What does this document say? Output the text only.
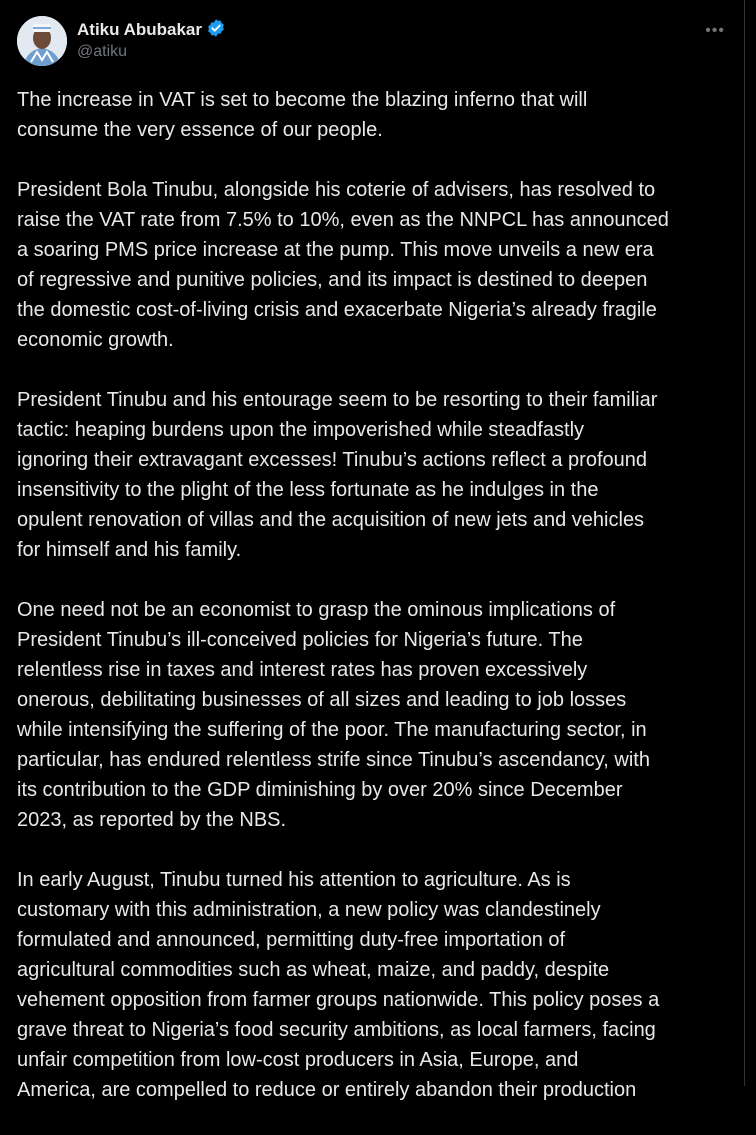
Atiku Abubakar
@atiku
•••

The increase in VAT is set to become the blazing inferno that will
consume the very essence of our people.

President Bola Tinubu, alongside his coterie of advisers, has resolved to
raise the VAT rate from 7.5% to 10%, even as the NNPCL has announced
a soaring PMS price increase at the pump. This move unveils a new era
of regressive and punitive policies, and its impact is destined to deepen
the domestic cost-of-living crisis and exacerbate Nigeria’s already fragile
economic growth.

President Tinubu and his entourage seem to be resorting to their familiar
tactic: heaping burdens upon the impoverished while steadfastly
ignoring their extravagant excesses! Tinubu’s actions reflect a profound
insensitivity to the plight of the less fortunate as he indulges in the
opulent renovation of villas and the acquisition of new jets and vehicles
for himself and his family.

One need not be an economist to grasp the ominous implications of
President Tinubu’s ill-conceived policies for Nigeria’s future. The
relentless rise in taxes and interest rates has proven excessively
onerous, debilitating businesses of all sizes and leading to job losses
while intensifying the suffering of the poor. The manufacturing sector, in
particular, has endured relentless strife since Tinubu’s ascendancy, with
its contribution to the GDP diminishing by over 20% since December
2023, as reported by the NBS.

In early August, Tinubu turned his attention to agriculture. As is
customary with this administration, a new policy was clandestinely
formulated and announced, permitting duty-free importation of
agricultural commodities such as wheat, maize, and paddy, despite
vehement opposition from farmer groups nationwide. This policy poses a
grave threat to Nigeria’s food security ambitions, as local farmers, facing
unfair competition from low-cost producers in Asia, Europe, and
America, are compelled to reduce or entirely abandon their production
